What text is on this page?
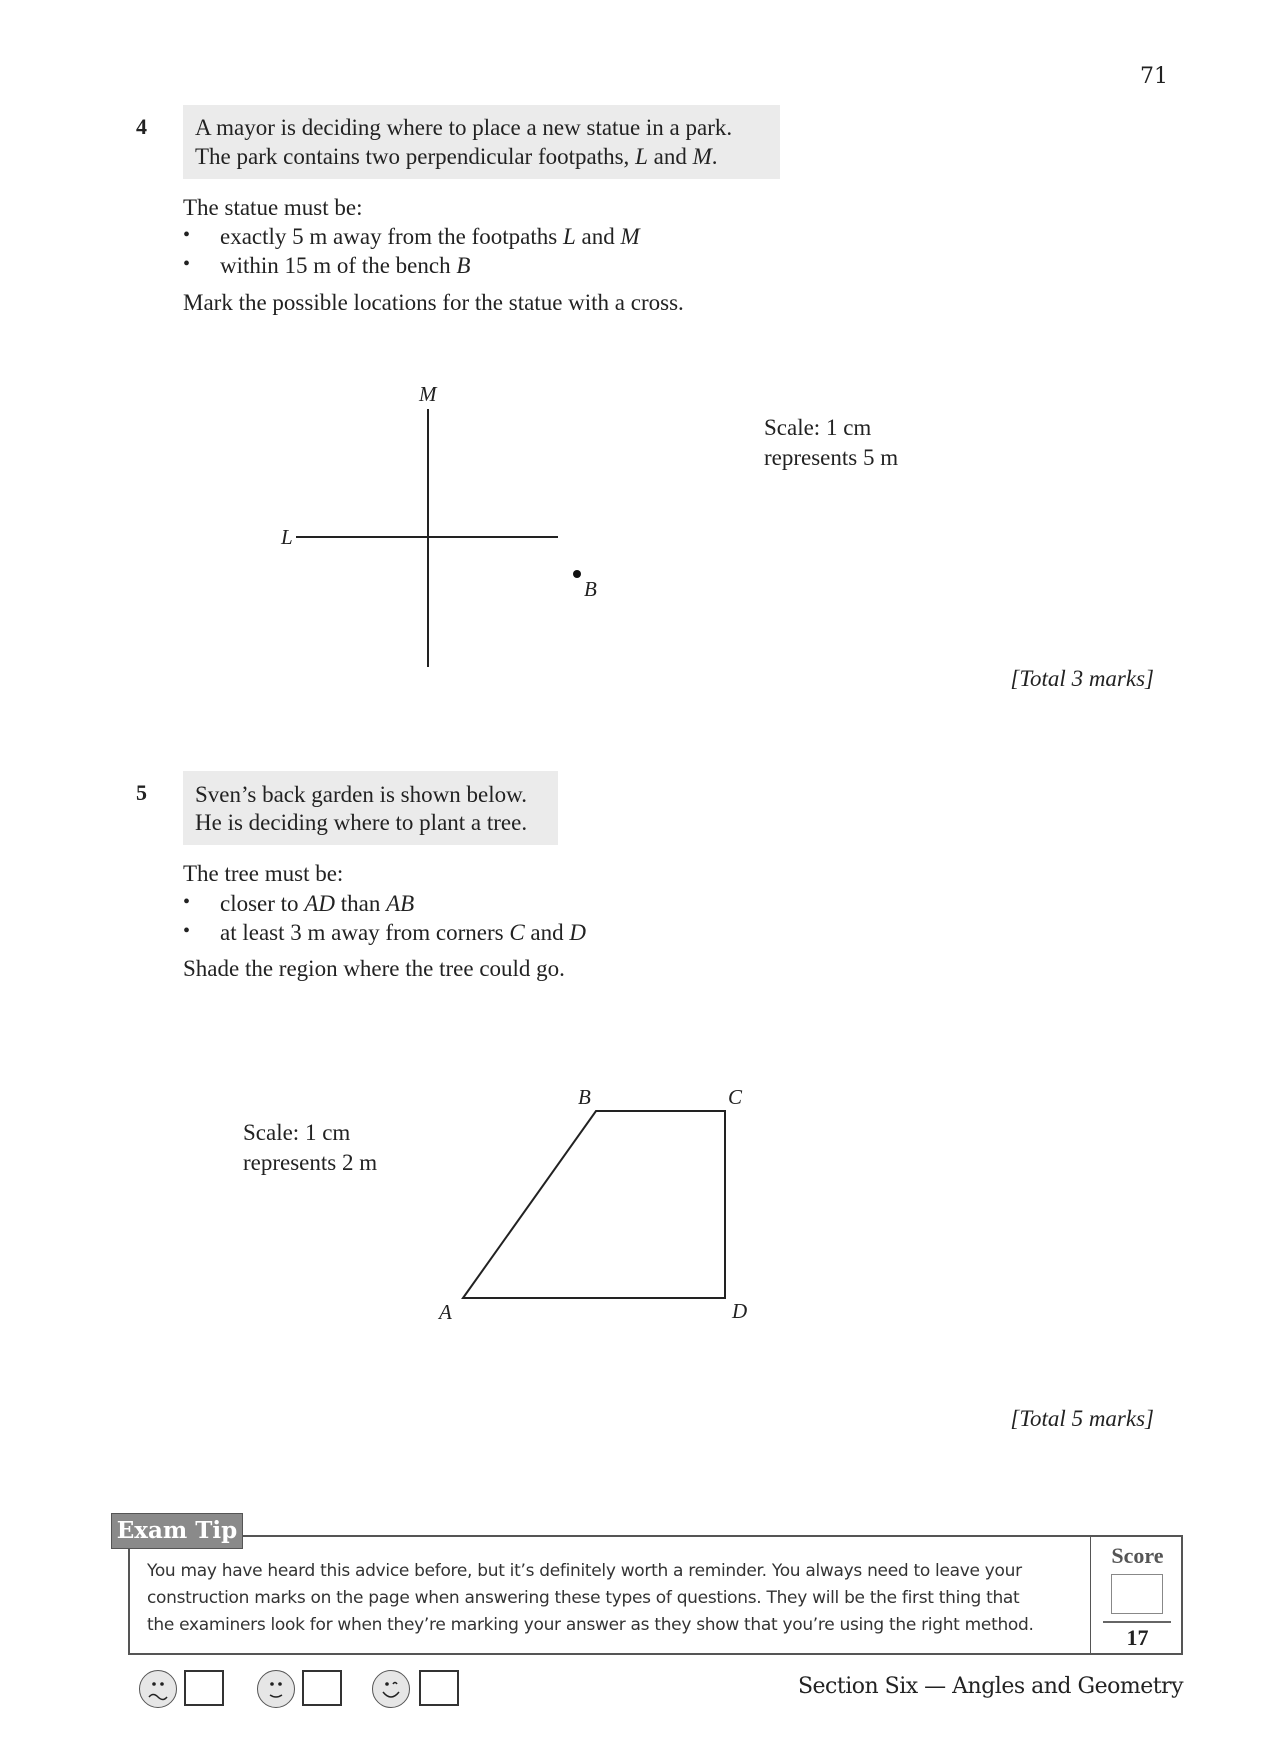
71
4 A mayor is deciding where to place a new statue in a park.
The park contains two perpendicular footpaths, L and M.
The statue must be:
• exactly 5 m away from the footpaths L and M
• within 15 m of the bench B
Mark the possible locations for the statue with a cross.
M
L
B
Scale: 1 cm
represents 5 m
[Total 3 marks]
5 Sven’s back garden is shown below.
He is deciding where to plant a tree.
The tree must be:
• closer to AD than AB
• at least 3 m away from corners C and D
Shade the region where the tree could go.
Scale: 1 cm
represents 2 m
B	C
A	D
[Total 5 marks]
Exam Tip
You may have heard this advice before, but it’s definitely worth a reminder. You always need to leave your construction marks on the page when answering these types of questions. They will be the first thing that the examiners look for when they’re marking your answer as they show that you’re using the right method.
Score
17
Section Six — Angles and Geometry
